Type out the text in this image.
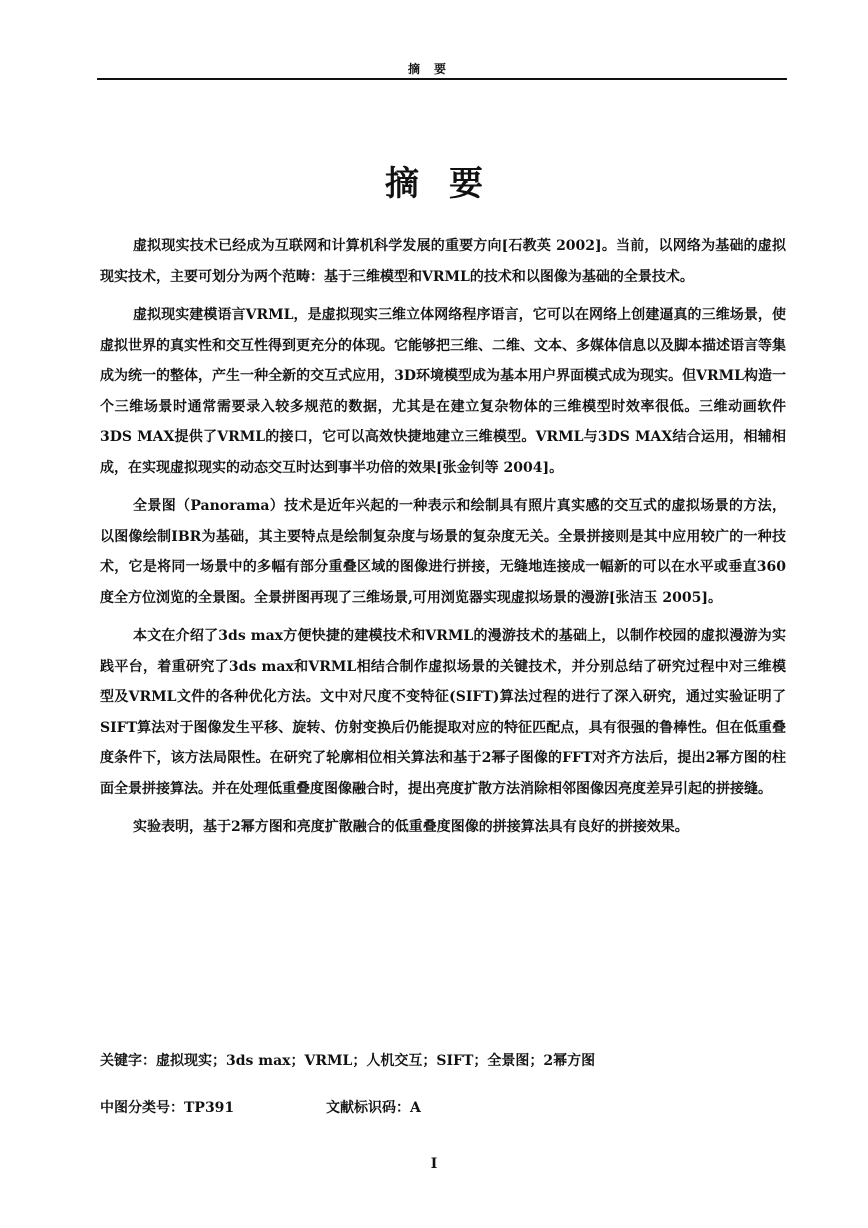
摘要
摘要

虚拟现实技术已经成为互联网和计算机科学发展的重要方向[石教英 2002]。当前，以网络为基础的虚拟现实技术，主要可划分为两个范畴：基于三维模型和VRML的技术和以图像为基础的全景技术。

虚拟现实建模语言VRML，是虚拟现实三维立体网络程序语言，它可以在网络上创建逼真的三维场景，使虚拟世界的真实性和交互性得到更充分的体现。它能够把三维、二维、文本、多媒体信息以及脚本描述语言等集成为统一的整体，产生一种全新的交互式应用，3D环境模型成为基本用户界面模式成为现实。但VRML构造一个三维场景时通常需要录入较多规范的数据，尤其是在建立复杂物体的三维模型时效率很低。三维动画软件3DS MAX提供了VRML的接口，它可以高效快捷地建立三维模型。VRML与3DS MAX结合运用，相辅相成，在实现虚拟现实的动态交互时达到事半功倍的效果[张金钊等 2004]。

全景图（Panorama）技术是近年兴起的一种表示和绘制具有照片真实感的交互式的虚拟场景的方法，以图像绘制IBR为基础，其主要特点是绘制复杂度与场景的复杂度无关。全景拼接则是其中应用较广的一种技术，它是将同一场景中的多幅有部分重叠区域的图像进行拼接，无缝地连接成一幅新的可以在水平或垂直360度全方位浏览的全景图。全景拼图再现了三维场景,可用浏览器实现虚拟场景的漫游[张洁玉 2005]。

本文在介绍了3ds max方便快捷的建模技术和VRML的漫游技术的基础上，以制作校园的虚拟漫游为实践平台，着重研究了3ds max和VRML相结合制作虚拟场景的关键技术，并分别总结了研究过程中对三维模型及VRML文件的各种优化方法。文中对尺度不变特征(SIFT)算法过程的进行了深入研究，通过实验证明了SIFT算法对于图像发生平移、旋转、仿射变换后仍能提取对应的特征匹配点，具有很强的鲁棒性。但在低重叠度条件下，该方法局限性。在研究了轮廓相位相关算法和基于2幂子图像的FFT对齐方法后，提出2幂方图的柱面全景拼接算法。并在处理低重叠度图像融合时，提出亮度扩散方法消除相邻图像因亮度差异引起的拼接缝。

实验表明，基于2幂方图和亮度扩散融合的低重叠度图像的拼接算法具有良好的拼接效果。

关键字：虚拟现实；3ds max；VRML；人机交互；SIFT；全景图；2幂方图
中图分类号：TP391	文献标识码：A
I
